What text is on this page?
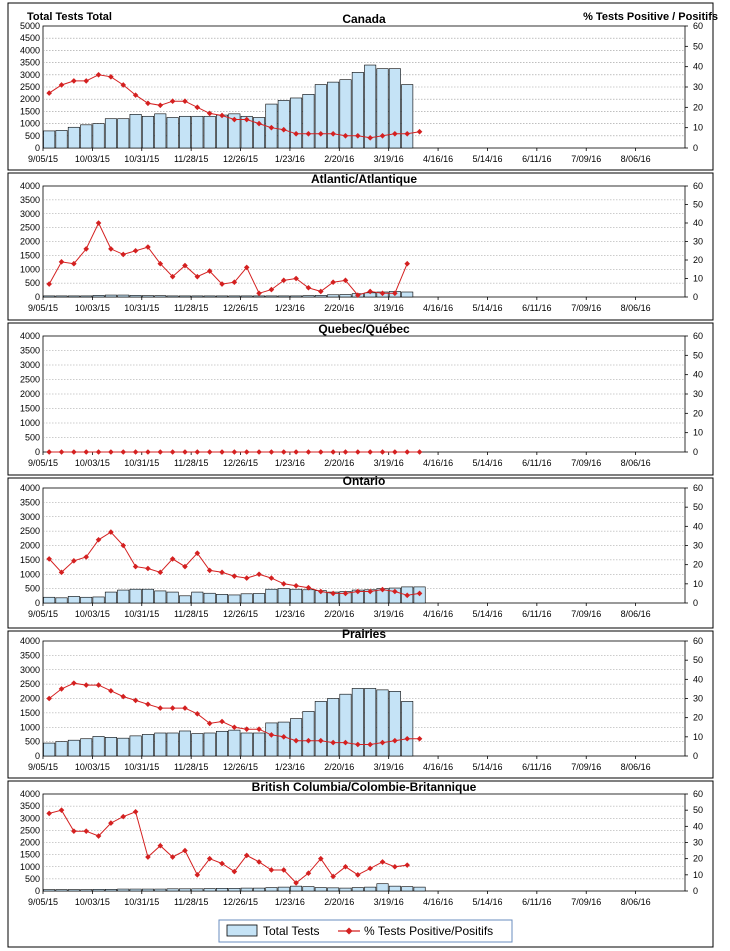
0
500
1000
1500
2000
2500
3000
3500
4000
4500
5000
0
10
20
30
40
50
60
9/05/15 10/03/15 10/31/15 11/28/15 12/26/15 1/23/16 2/20/16 3/19/16 4/16/16 5/14/16 6/11/16 7/09/16 8/06/16
Canada
0
500
1000
1500
2000
2500
3000
3500
4000
0
10
20
30
40
50
60
9/05/15 10/03/15 10/31/15 11/28/15 12/26/15 1/23/16 2/20/16 3/19/16 4/16/16 5/14/16 6/11/16 7/09/16 8/06/16
Atlantic/Atlantique
0
500
1000
1500
2000
2500
3000
3500
4000
0
10
20
30
40
50
60
9/05/15 10/03/15 10/31/15 11/28/15 12/26/15 1/23/16 2/20/16 3/19/16 4/16/16 5/14/16 6/11/16 7/09/16 8/06/16
Quebec/Québec
0
500
1000
1500
2000
2500
3000
3500
4000
0
10
20
30
40
50
60
9/05/15 10/03/15 10/31/15 11/28/15 12/26/15 1/23/16 2/20/16 3/19/16 4/16/16 5/14/16 6/11/16 7/09/16 8/06/16
Ontario
0
500
1000
1500
2000
2500
3000
3500
4000
0
10
20
30
40
50
60
9/05/15 10/03/15 10/31/15 11/28/15 12/26/15 1/23/16 2/20/16 3/19/16 4/16/16 5/14/16 6/11/16 7/09/16 8/06/16
Prairies
0
500
1000
1500
2000
2500
3000
3500
4000
0
10
20
30
40
50
60
9/05/15 10/03/15 10/31/15 11/28/15 12/26/15 1/23/16 2/20/16 3/19/16 4/16/16 5/14/16 6/11/16 7/09/16 8/06/16
British Columbia/Colombie-Britannique
Total Tests Total	% Tests Positive / Positifs
Total Tests	% Tests Positive/Positifs
